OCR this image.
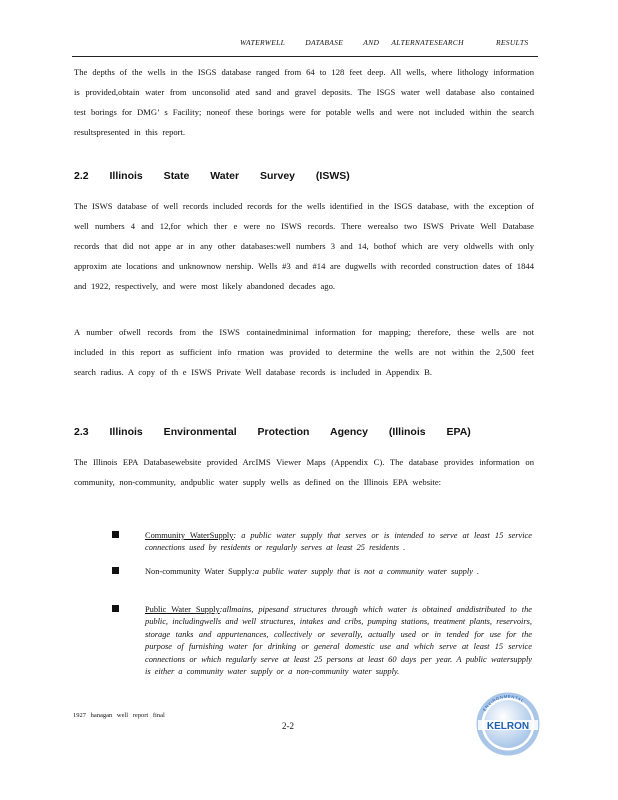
WATERWELL	DATABASE	AND ALTERNATESEARCH	RESULTS

The depths of the wells in the ISGS database ranged from 64 to 128 feet deep. All wells, where lithology information is provided,obtain water from unconsolid ated sand and gravel deposits. The ISGS water well database also contained test borings for DMG’ s Facility; noneof these borings were for potable wells and were not included within the search resultspresented in this report.

2.2 Illinois State Water Survey (ISWS)

The ISWS database of well records included records for the wells identified in the ISGS database, with the exception of well numbers 4 and 12,for which ther e were no ISWS records. There werealso two ISWS Private Well Database records that did not appe ar in any other databases:well numbers 3 and 14, bothof which are very oldwells with only approxim ate locations and unknownow nership. Wells #3 and #14 are dugwells with recorded construction dates of 1844 and 1922, respectively, and were most likely abandoned decades ago.

A number ofwell records from the ISWS containedminimal information for mapping; therefore, these wells are not included in this report as sufficient info rmation was provided to determine the wells are not within the 2,500 feet search radius. A copy of th e ISWS Private Well database records is included in Appendix B.

2.3 Illinois Environmental Protection Agency (Illinois EPA)

The Illinois EPA Databasewebsite provided ArcIMS Viewer Maps (Appendix C). The database provides information on community, non-community, andpublic water supply wells as defined on the Illinois EPA website:

Community WaterSupply: a public water supply that serves or is intended to serve at least 15 service connections used by residents or regularly serves at least 25 residents .
Non-community Water Supply:a public water supply that is not a community water supply .
Public Water Supply:allmains, pipesand structures through which water is obtained anddistributed to the public, includingwells and well structures, intakes and cribs, pumping stations, treatment plants, reservoirs, storage tanks and appurtenances, collectively or severally, actually used or in tended for use for the purpose of furnishing water for drinking or general domestic use and which serve at least 15 service connections or which regularly serve at least 25 persons at least 60 days per year. A public watersupply is either a community water supply or a non-community water supply.
1927 hanagan well report final
2-2
ENVIRONMENTAL
KELRON
